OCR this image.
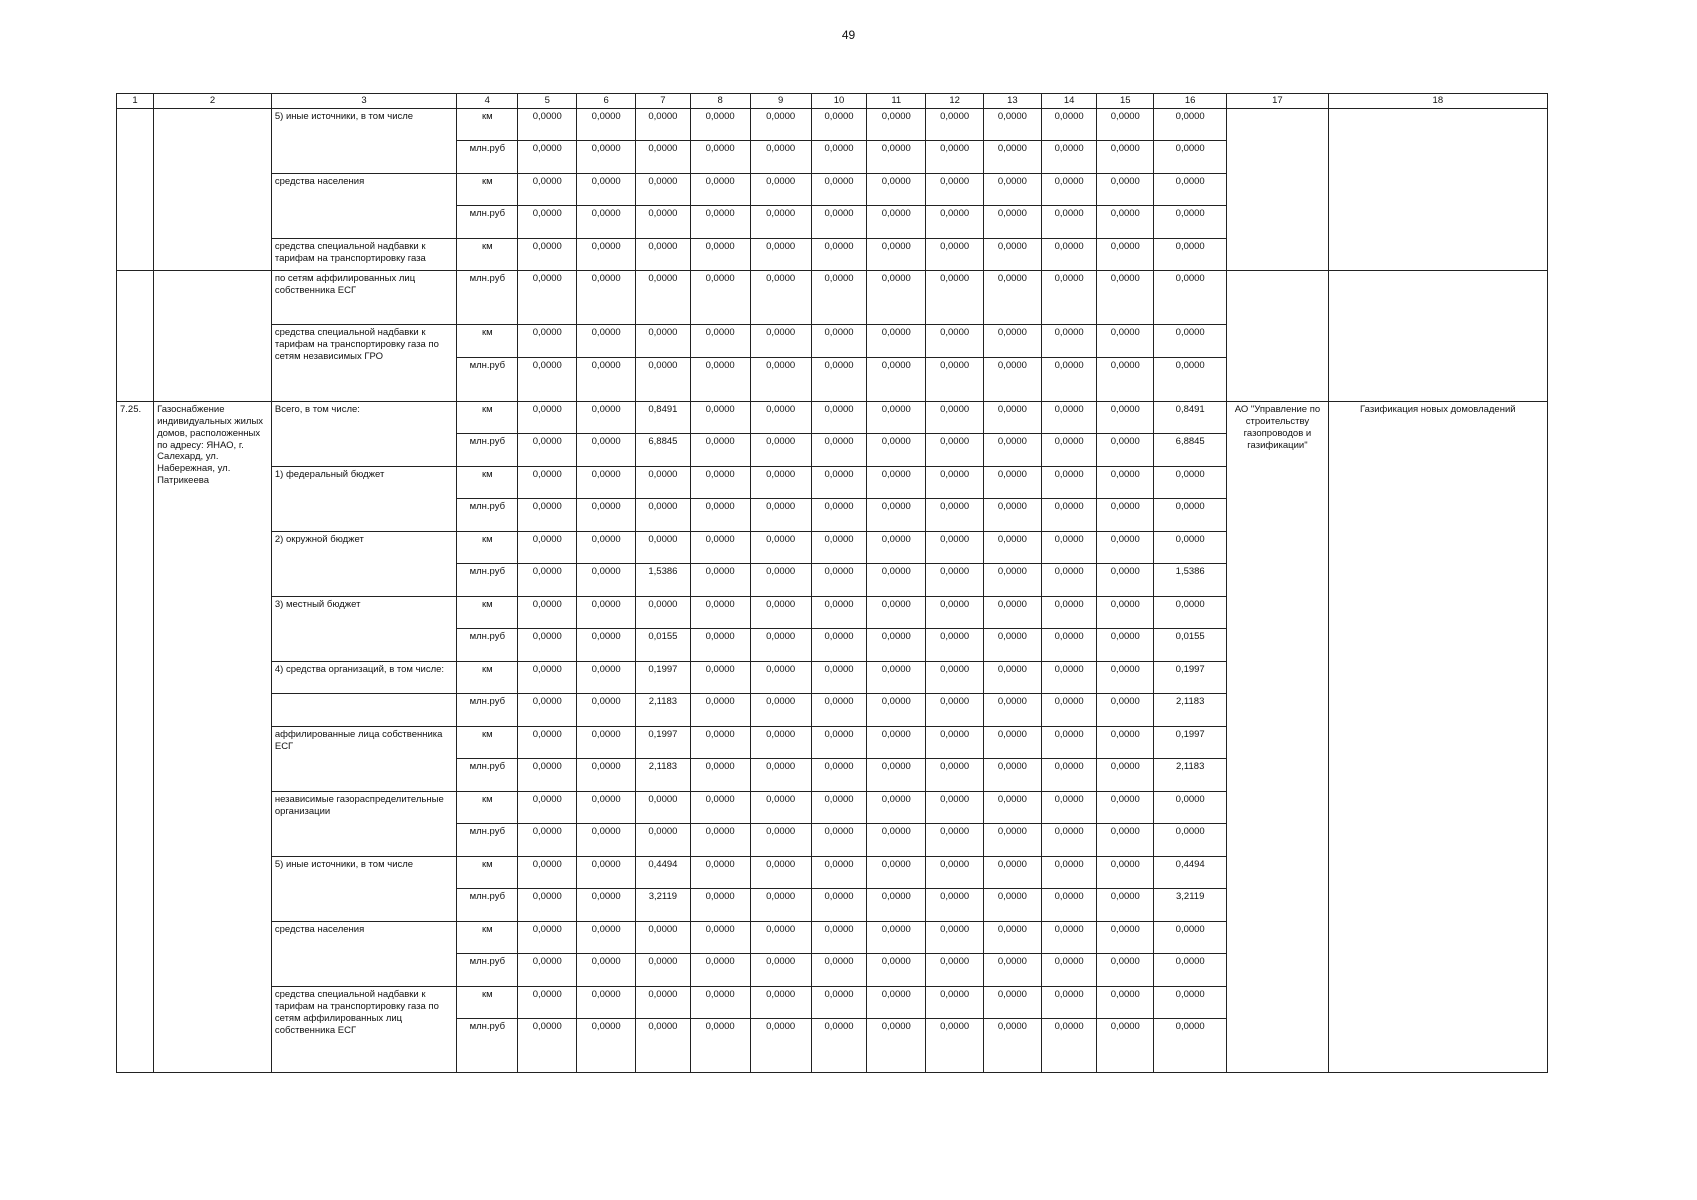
49
1	2	3	4	5	6	7	8	9	10	11	12	13	14	15	16	17	18
		5) иные источники, в том числе	км	0,0000	0,0000	0,0000	0,0000	0,0000	0,0000	0,0000	0,0000	0,0000	0,0000	0,0000	0,0000		
			млн.руб	0,0000	0,0000	0,0000	0,0000	0,0000	0,0000	0,0000	0,0000	0,0000	0,0000	0,0000	0,0000		
		средства населения	км	0,0000	0,0000	0,0000	0,0000	0,0000	0,0000	0,0000	0,0000	0,0000	0,0000	0,0000	0,0000		
			млн.руб	0,0000	0,0000	0,0000	0,0000	0,0000	0,0000	0,0000	0,0000	0,0000	0,0000	0,0000	0,0000		
		средства специальной надбавки к тарифам на транспортировку газа	км	0,0000	0,0000	0,0000	0,0000	0,0000	0,0000	0,0000	0,0000	0,0000	0,0000	0,0000	0,0000		
		по сетям аффилированных лиц собственника ЕСГ	млн.руб	0,0000	0,0000	0,0000	0,0000	0,0000	0,0000	0,0000	0,0000	0,0000	0,0000	0,0000	0,0000		
		средства специальной надбавки к тарифам на транспортировку газа по сетям независимых ГРО	км	0,0000	0,0000	0,0000	0,0000	0,0000	0,0000	0,0000	0,0000	0,0000	0,0000	0,0000	0,0000		
			млн.руб	0,0000	0,0000	0,0000	0,0000	0,0000	0,0000	0,0000	0,0000	0,0000	0,0000	0,0000	0,0000		
7.25.	Газоснабжение индивидуальных жилых домов, расположенных по адресу: ЯНАО, г. Салехард, ул. Набережная, ул. Патрикеева	Всего, в том числе:	км	0,0000	0,0000	0,8491	0,0000	0,0000	0,0000	0,0000	0,0000	0,0000	0,0000	0,0000	0,8491	АО "Управление по строительству газопроводов и газификации"	Газификация новых домовладений
			млн.руб	0,0000	0,0000	6,8845	0,0000	0,0000	0,0000	0,0000	0,0000	0,0000	0,0000	0,0000	6,8845		
		1) федеральный бюджет	км	0,0000	0,0000	0,0000	0,0000	0,0000	0,0000	0,0000	0,0000	0,0000	0,0000	0,0000	0,0000		
			млн.руб	0,0000	0,0000	0,0000	0,0000	0,0000	0,0000	0,0000	0,0000	0,0000	0,0000	0,0000	0,0000		
		2) окружной бюджет	км	0,0000	0,0000	0,0000	0,0000	0,0000	0,0000	0,0000	0,0000	0,0000	0,0000	0,0000	0,0000		
			млн.руб	0,0000	0,0000	1,5386	0,0000	0,0000	0,0000	0,0000	0,0000	0,0000	0,0000	0,0000	1,5386		
		3) местный бюджет	км	0,0000	0,0000	0,0000	0,0000	0,0000	0,0000	0,0000	0,0000	0,0000	0,0000	0,0000	0,0000		
			млн.руб	0,0000	0,0000	0,0155	0,0000	0,0000	0,0000	0,0000	0,0000	0,0000	0,0000	0,0000	0,0155		
		4) средства организаций, в том числе:	км	0,0000	0,0000	0,1997	0,0000	0,0000	0,0000	0,0000	0,0000	0,0000	0,0000	0,0000	0,1997		
			млн.руб	0,0000	0,0000	2,1183	0,0000	0,0000	0,0000	0,0000	0,0000	0,0000	0,0000	0,0000	2,1183		
		аффилированные лица собственника ЕСГ	км	0,0000	0,0000	0,1997	0,0000	0,0000	0,0000	0,0000	0,0000	0,0000	0,0000	0,0000	0,1997		
			млн.руб	0,0000	0,0000	2,1183	0,0000	0,0000	0,0000	0,0000	0,0000	0,0000	0,0000	0,0000	2,1183		
		независимые газораспределительные организации	км	0,0000	0,0000	0,0000	0,0000	0,0000	0,0000	0,0000	0,0000	0,0000	0,0000	0,0000	0,0000		
			млн.руб	0,0000	0,0000	0,0000	0,0000	0,0000	0,0000	0,0000	0,0000	0,0000	0,0000	0,0000	0,0000		
		5) иные источники, в том числе	км	0,0000	0,0000	0,4494	0,0000	0,0000	0,0000	0,0000	0,0000	0,0000	0,0000	0,0000	0,4494		
			млн.руб	0,0000	0,0000	3,2119	0,0000	0,0000	0,0000	0,0000	0,0000	0,0000	0,0000	0,0000	3,2119		
		средства населения	км	0,0000	0,0000	0,0000	0,0000	0,0000	0,0000	0,0000	0,0000	0,0000	0,0000	0,0000	0,0000		
			млн.руб	0,0000	0,0000	0,0000	0,0000	0,0000	0,0000	0,0000	0,0000	0,0000	0,0000	0,0000	0,0000		
		средства специальной надбавки к тарифам на транспортировку газа по сетям аффилированных лиц собственника ЕСГ	км	0,0000	0,0000	0,0000	0,0000	0,0000	0,0000	0,0000	0,0000	0,0000	0,0000	0,0000	0,0000		
			млн.руб	0,0000	0,0000	0,0000	0,0000	0,0000	0,0000	0,0000	0,0000	0,0000	0,0000	0,0000	0,0000		
